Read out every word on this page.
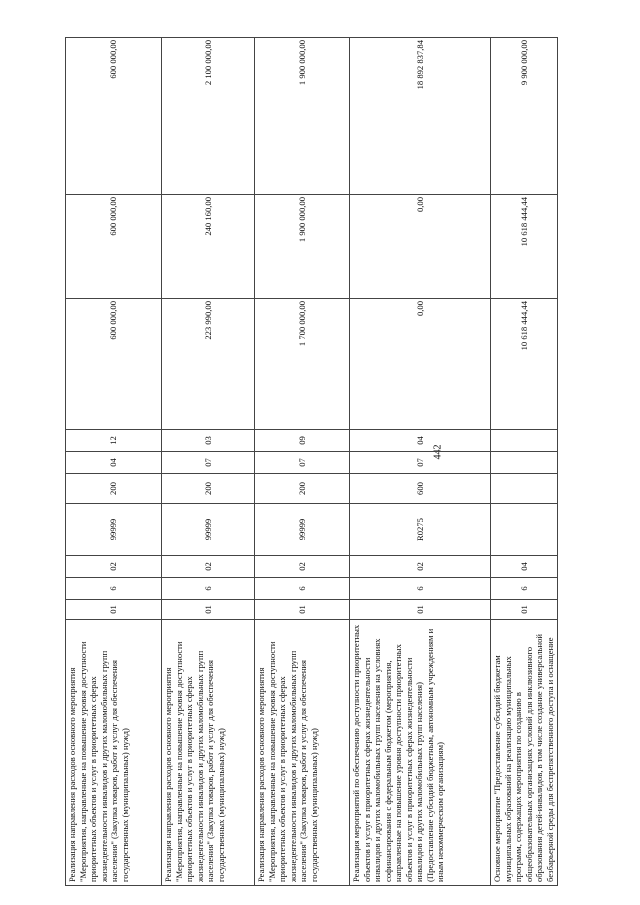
442
Реализация направления расходов основного мероприятия "Мероприятия, направленные на повышение уровня доступности приоритетных объектов и услуг в приоритетных сферах жизнедеятельности инвалидов и других маломобильных групп населения" (Закупка товаров, работ и услуг для обеспечения государственных (муниципальных) нужд)	01	6	02	99999	200	04	12	600 000,00	600 000,00	600 000,00
Реализация направления расходов основного мероприятия "Мероприятия, направленные на повышение уровня доступности приоритетных объектов и услуг в приоритетных сферах жизнедеятельности инвалидов и других маломобильных групп населения" (Закупка товаров, работ и услуг для обеспечения государственных (муниципальных) нужд)	01	6	02	99999	200	07	03	223 990,00	240 160,00	2 100 000,00
Реализация направления расходов основного мероприятия "Мероприятия, направленные на повышение уровня доступности приоритетных объектов и услуг в приоритетных сферах жизнедеятельности инвалидов и других маломобильных групп населения" (Закупка товаров, работ и услуг для обеспечения государственных (муниципальных) нужд)	01	6	02	99999	200	07	09	1 700 000,00	1 900 000,00	1 900 000,00
Реализация мероприятий по обеспечению доступности приоритетных объектов и услуг в приоритетных сферах жизнедеятельности инвалидов и других маломобильных групп населения на условиях софинансирования с федеральным бюджетом (мероприятия, направленные на повышение уровня доступности приоритетных объектов и услуг в приоритетных сферах жизнедеятельности инвалидов и других маломобильных групп населения) (Предоставление субсидий бюджетным, автономным учреждениям и иным некоммерческим организациям)	01	6	02	R0275	600	07	04	0,00	0,00	18 892 837,84
Основное мероприятие "Предоставление субсидий бюджетам муниципальных образований на реализацию муниципальных программ, содержащих мероприятия по созданию в общеобразовательных организациях условий для инклюзивного образования детей-инвалидов, в том числе создание универсальной безбарьерной среды для беспрепятственного доступа и оснащение	01	6	04					10 618 444,44	10 618 444,44	9 900 000,00
